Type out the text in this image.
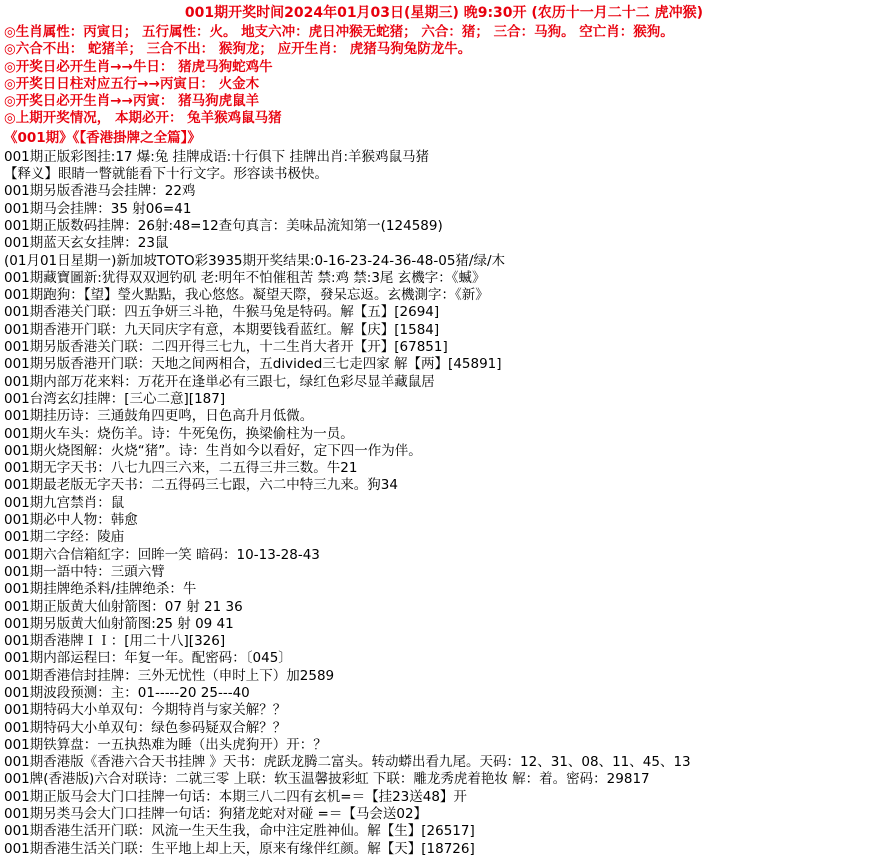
001期开奖时间2024年01月03日(星期三) 晚9:30开 (农历十一月二十二 虎冲猴)
◎生肖属性：丙寅日； 五行属性：火。 地支六冲：虎日冲猴无蛇猪； 六合：猪； 三合：马狗。 空亡肖：猴狗。
◎六合不出： 蛇猪羊； 三合不出： 猴狗龙； 应开生肖： 虎猪马狗兔防龙牛。
◎开奖日必开生肖→→牛日： 猪虎马狗蛇鸡牛
◎开奖日日柱对应五行→→丙寅日： 火金木
◎开奖日必开生肖→→丙寅： 猪马狗虎鼠羊
◎上期开奖情况， 本期必开： 兔羊猴鸡鼠马猪
《001期》《【香港掛牌之全篇】》
001期正版彩图挂:17 爆:兔 挂牌成语:十行俱下 挂牌出肖:羊猴鸡鼠马猪
【释义】眼睛一瞥就能看下十行文字。形容读书极快。
001期另版香港马会挂牌：22鸡
001期马会挂牌：35 射06=41
001期正版数码挂牌：26射:48=12查句真言：美味品流知第一(124589)
001期蓝天玄女挂牌：23鼠
(01月01日星期一)新加坡TOTO彩3935期开奖结果:0-16-23-24-36-48-05猪/绿/木
001期藏寶圖新:犹得双双迥钓矶 老:明年不怕催租苦 禁:鸡 禁:3尾 玄機字：《蝛》
001期跑狗：【望】瑩火點點，我心悠悠。凝望天際，發呆忘返。玄機測字：《新》
001期香港关门联：四五争妍三斗艳，牛猴马兔是特码。解【五】[2694]
001期香港开门联：九天同庆字有意，本期要钱看蓝红。解【庆】[1584]
001期另版香港关门联：二四开得三七九，十二生肖大者开【开】[67851]
001期另版香港开门联：天地之间两相合，五divided三七走四家 解【两】[45891]
001期内部万花来料：万花开在逢単必有三跟七，绿红色彩尽显羊藏鼠居
001台湾玄幻挂牌：[三心二意][187]
001期挂历诗：三通鼓角四更鸣，日色高升月低微。
001期火车头：烧伤羊。诗：牛死兔伤，换梁偷柱为一员。
001期火烧图解：火烧“猪”。诗：生肖如今以看好，定下四一作为伴。
001期无字天书：八七九四三六来，二五得三井三数。牛21
001期最老版无字天书：二五得码三七跟，六二中特三九来。狗34
001期九宫禁肖：鼠
001期必中人物：韩愈
001期二字经：陵庙
001期六合信箱紅字：回眸一笑 暗码：10-13-28-43
001期一語中特：三頭六臂
001期挂牌绝杀料/挂牌绝杀：牛
001期正版黄大仙射箭图：07 射 21 36
001期另版黄大仙射箭图:25 射 09 41
001期香港牌ＩＩ：[用二十八][326]
001期内部运程曰：年复一年。配密码：〔045〕
001期香港信封挂牌：三外无忧性（申时上下）加2589
001期波段预测：主：01-----20 25---40
001期特码大小单双句：今期特肖与家关解？？
001期特码大小单双句：绿色参码疑双合解？？
001期铁算盘：一五执热难为睡（出头虎狗开）开：？
001期香港版《香港六合天书挂牌 》天书：虎跃龙腾二富头。转动蟒出看九尾。天码：12、31、08、11、45、13
001牌(香港版)六合对联诗：二就三零 上联：软玉温馨披彩虹 下联：雕龙秀虎着艳妆 解：着。密码：29817
001期正版马会大门口挂牌一句话：本期三八二四有玄机=＝【挂23送48】开
001期另类马会大门口挂牌一句话：狗猪龙蛇对对碰 =＝【马会送02】
001期香港生活开门联：风流一生天生我，命中注定胜神仙。解【生】[26517]
001期香港生活关门联：生平地上却上天，原来有缘伴红颜。解【天】[18726]
